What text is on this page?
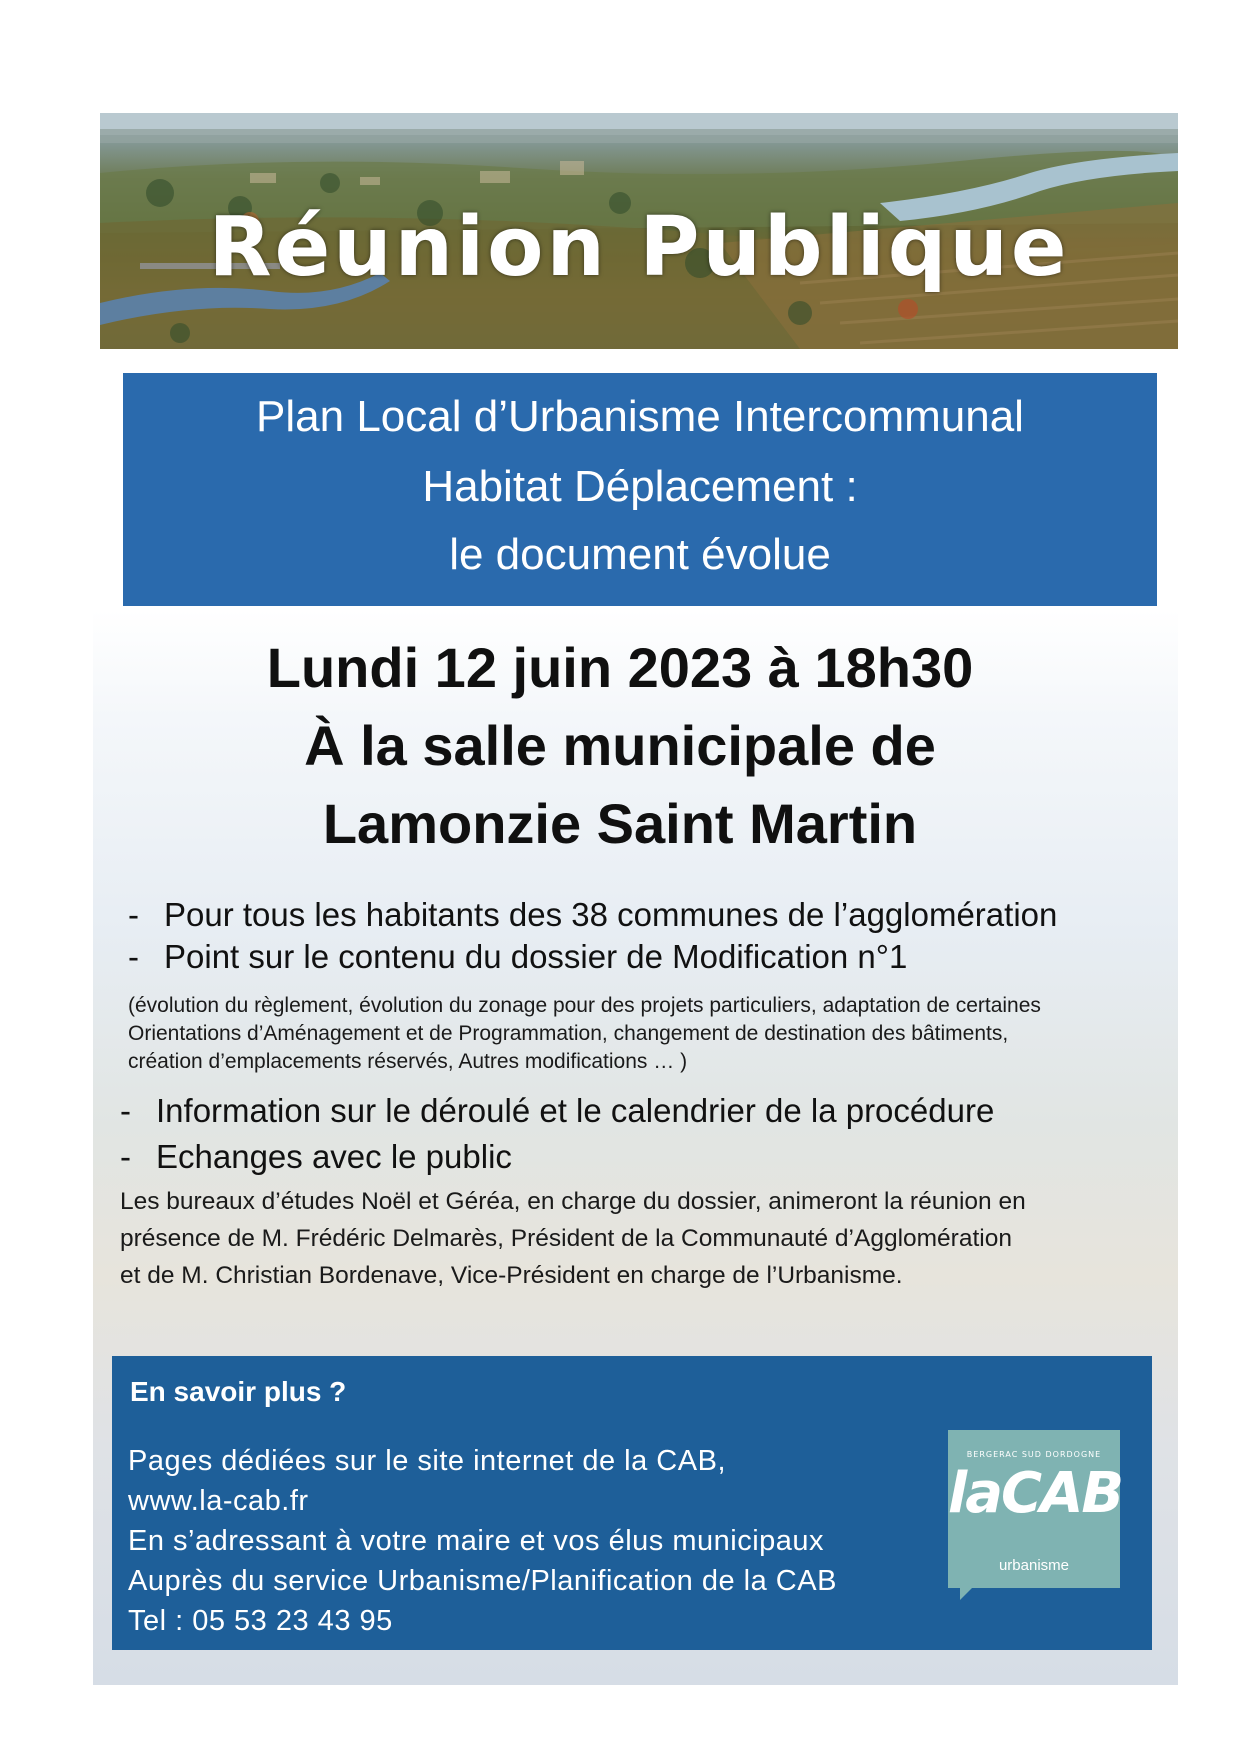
Réunion Publique
Plan Local d’Urbanisme Intercommunal
Habitat Déplacement :
le document évolue
Lundi 12 juin 2023 à 18h30
À la salle municipale de
Lamonzie Saint Martin
- Pour tous les habitants des 38 communes de l’agglomération
- Point sur le contenu du dossier de Modification n°1
(évolution du règlement, évolution du zonage pour des projets particuliers, adaptation de certaines
Orientations d’Aménagement et de Programmation, changement de destination des bâtiments,
création d’emplacements réservés, Autres modifications … )
- Information sur le déroulé et le calendrier de la procédure
- Echanges avec le public
Les bureaux d’études Noël et Géréa, en charge du dossier, animeront la réunion en
présence de M. Frédéric Delmarès, Président de la Communauté d’Agglomération
et de M. Christian Bordenave, Vice-Président en charge de l’Urbanisme.
En savoir plus ?
Pages dédiées sur le site internet de la CAB,
www.la-cab.fr
En s’adressant à votre maire et vos élus municipaux
Auprès du service Urbanisme/Planification de la CAB
Tel : 05 53 23 43 95
BERGERAC SUD DORDOGNE
laCAB
urbanisme
